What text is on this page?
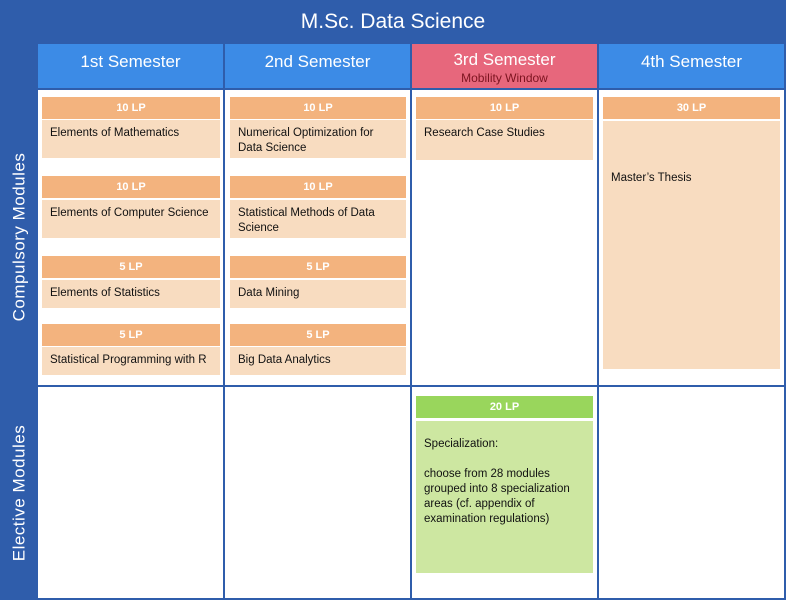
M.Sc. Data Science
Compulsory Modules
Elective Modules
1st Semester	2nd Semester	3rd Semester
Mobility Window
4th Semester
10 LP
Elements of Mathematics
10 LP
Elements of Computer Science
5 LP
Elements of Statistics
5 LP
Statistical Programming with R
10 LP
Numerical Optimization for Data Science
10 LP
Statistical Methods of Data Science
5 LP
Data Mining
5 LP
Big Data Analytics
10 LP
Research Case Studies
30 LP
Master’s Thesis
20 LP
Specialization:
choose from 28 modules grouped into 8 specialization areas (cf. appendix of examination regulations)
